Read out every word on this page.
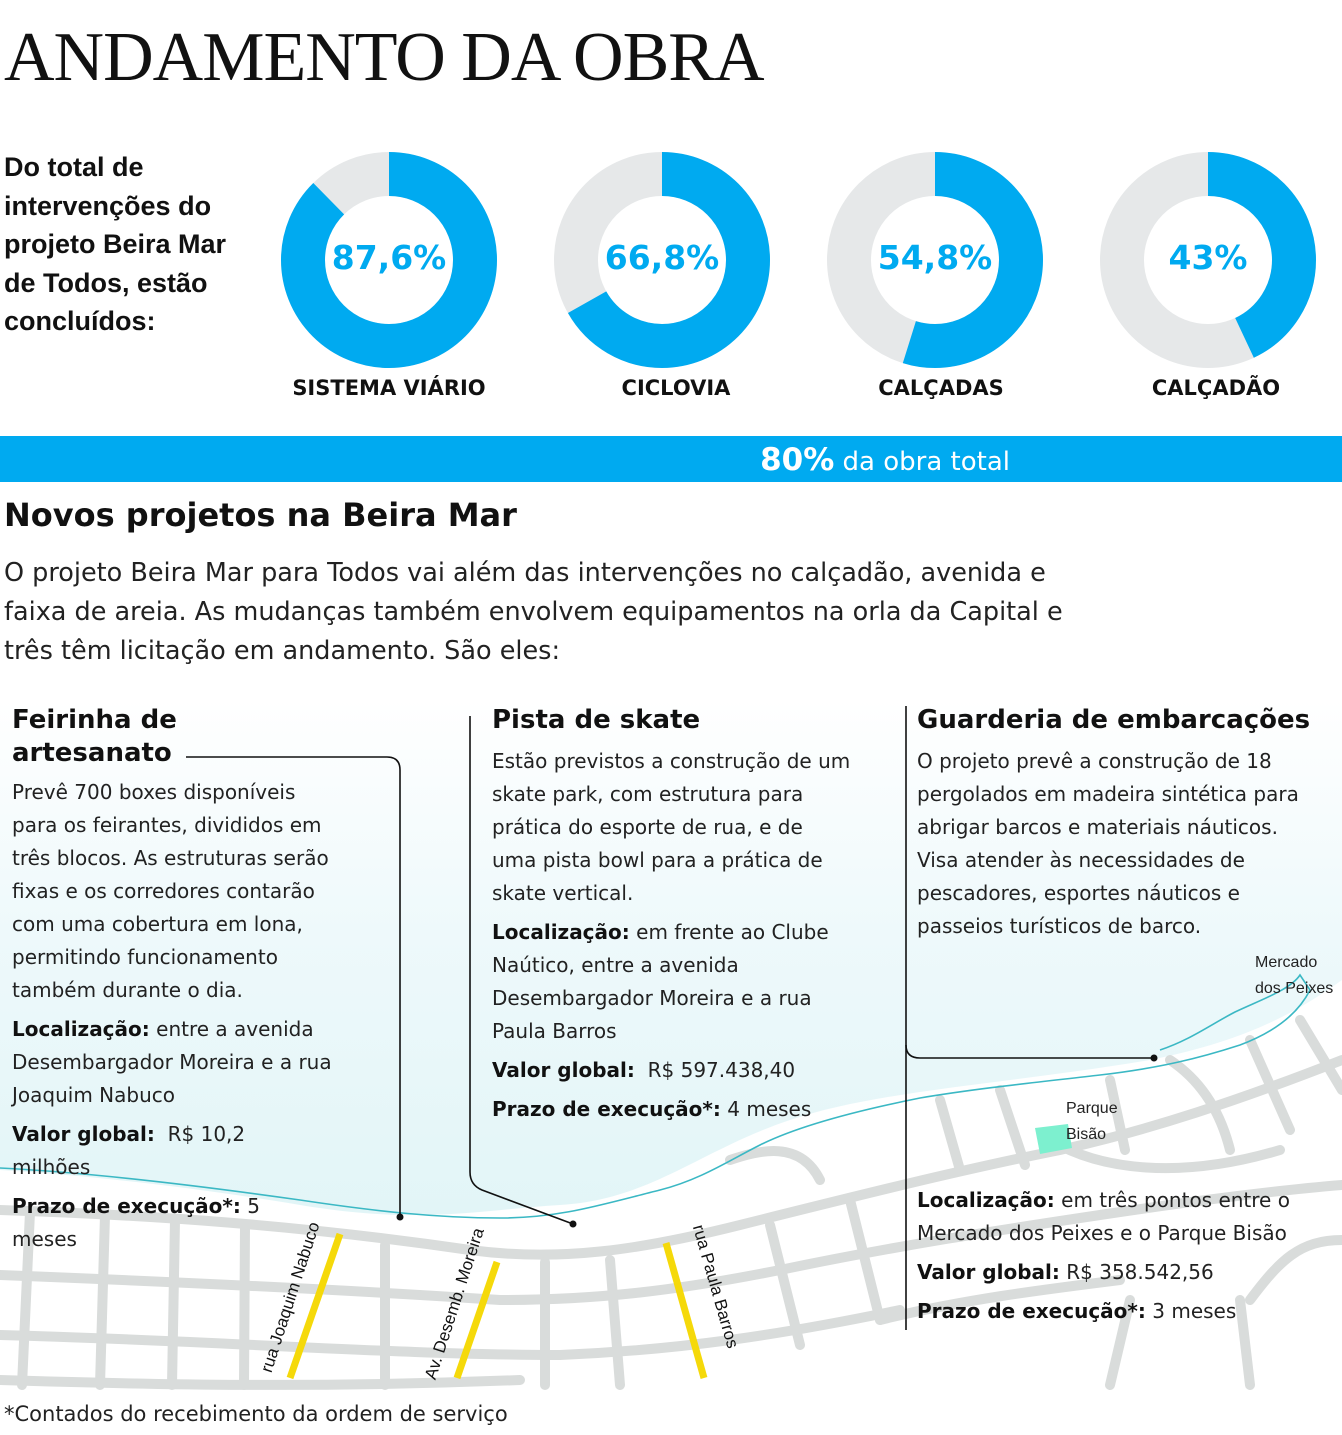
ANDAMENTO DA OBRA
Do total de intervenções do projeto Beira Mar de Todos, estão concluídos:
87,6%	66,8%	54,8%	43%
SISTEMA VIÁRIO	CICLOVIA	CALÇADAS	CALÇADÃO
80% da obra total
Novos projetos na Beira Mar
O projeto Beira Mar para Todos vai além das intervenções no calçadão, avenida e faixa de areia. As mudanças também envolvem equipamentos na orla da Capital e três têm licitação em andamento. São eles:
rua Joaquim Nabuco	Av. Desemb. Moreira	rua Paula Barros
Mercado dos Peixes
Parque Bisão
Feirinha de artesanato

Prevê 700 boxes disponíveis para os feirantes, divididos em três blocos. As estruturas serão fixas e os corredores contarão com uma cobertura em lona, permitindo funcionamento também durante o dia.

Localização: entre a avenida Desembargador Moreira e a rua Joaquim Nabuco

Valor global: R$ 10,2 milhões

Prazo de execução*: 5 meses

Pista de skate

Estão previstos a construção de um skate park, com estrutura para prática do esporte de rua, e de uma pista bowl para a prática de skate vertical.

Localização: em frente ao Clube Naútico, entre a avenida Desembargador Moreira e a rua Paula Barros

Valor global: R$ 597.438,40

Prazo de execução*: 4 meses

Guarderia de embarcações

O projeto prevê a construção de 18 pergolados em madeira sintética para abrigar barcos e materiais náuticos. Visa atender às necessidades de pescadores, esportes náuticos e passeios turísticos de barco.

Localização: em três pontos entre o Mercado dos Peixes e o Parque Bisão

Valor global: R$ 358.542,56

Prazo de execução*: 3 meses

*Contados do recebimento da ordem de serviço
